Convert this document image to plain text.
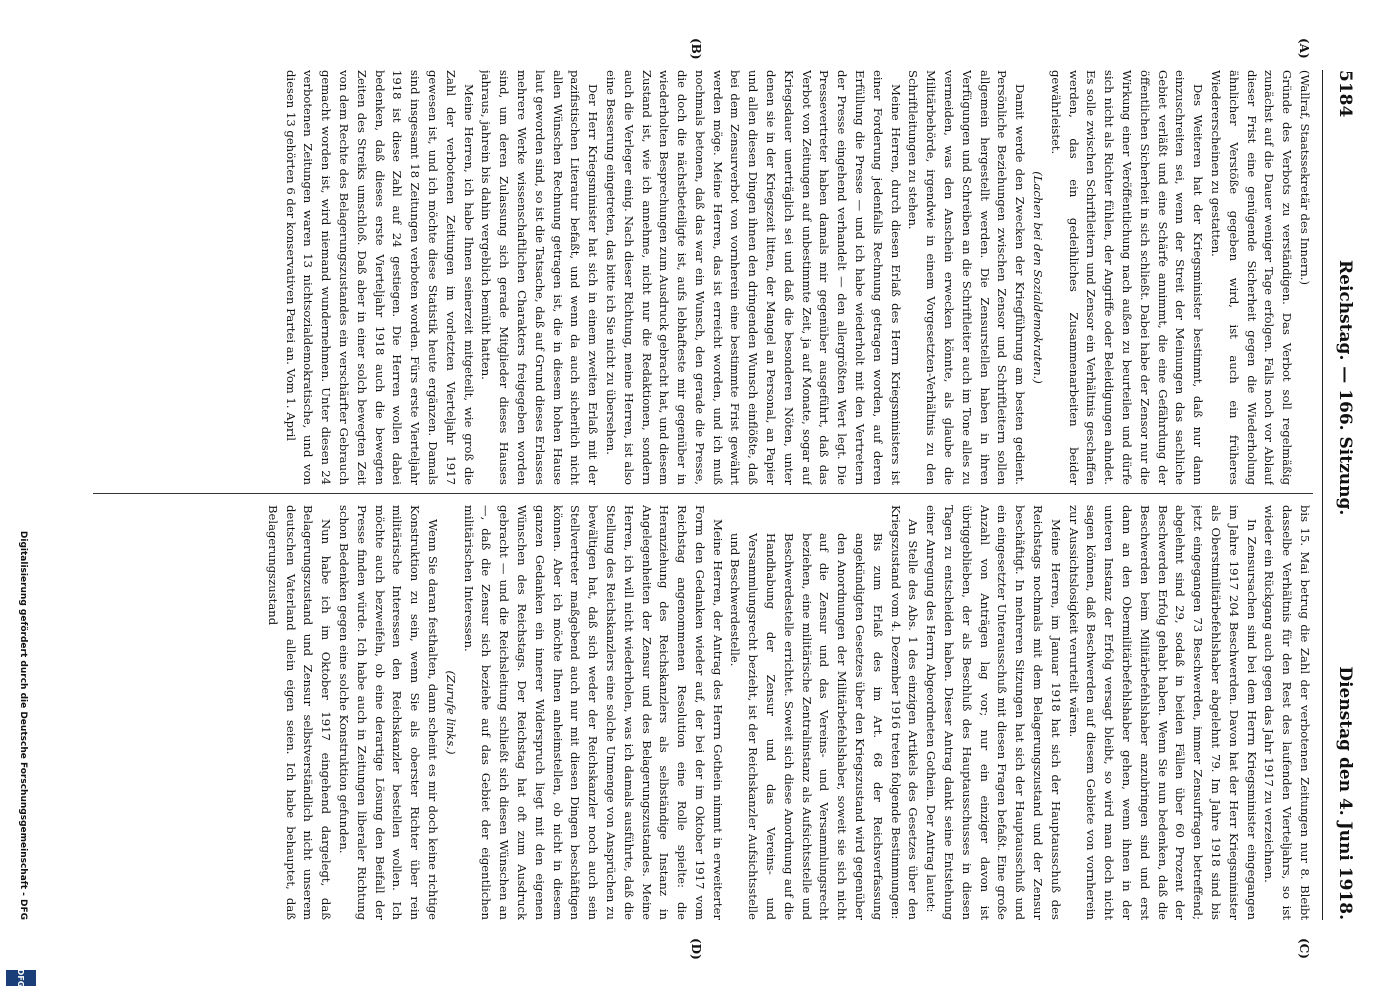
5184
Reichstag. — 166. Sitzung.
Dienstag den 4. Juni 1918.
(A)
(B)
(C)
(D)

(Wallraf, Staatssekretär des Innern.)

Gründe des Verbots zu verständigen. Das Verbot soll regelmäßig zunächst auf die Dauer weniger Tage erfolgen. Falls noch vor Ablauf dieser Frist eine genügende Sicherheit gegen die Wiederholung ähnlicher Verstöße gegeben wird, ist auch ein früheres Wiedererscheinen zu gestatten.

Des Weiteren hat der Kriegsminister bestimmt, daß nur dann einzuschreiten sei, wenn der Streit der Meinungen das sachliche Gebiet verläßt und eine Schärfe annimmt, die eine Gefährdung der öffentlichen Sicherheit in sich schließt. Dabei habe der Zensor nur die Wirkung einer Veröffentlichung nach außen zu beurteilen und dürfe sich nicht als Richter fühlen, der Angriffe oder Beleidigungen ahndet. Es solle zwischen Schriftleitern und Zensor ein Verhältnis geschaffen werden, das ein gedeihliches Zusammenarbeiten beider gewährleistet.

(Lachen bei den Sozialdemokraten.)

Damit werde den Zwecken der Kriegführung am besten gedient. Persönliche Beziehungen zwischen Zensor und Schriftleitern sollen allgemein hergestellt werden. Die Zensurstellen haben in ihren Verfügungen und Schreiben an die Schriftleiter auch im Tone alles zu vermeiden, was den Anschein erwecken könnte, als glaube die Militärbehörde, irgendwie in einem Vorgesetzten-Verhältnis zu den Schriftleitungen zu stehen.

Meine Herren, durch diesen Erlaß des Herrn Kriegsministers ist einer Forderung jedenfalls Rechnung getragen worden, auf deren Erfüllung die Presse — und ich habe wiederholt mit den Vertretern der Presse eingehend verhandelt — den allergrößten Wert legt. Die Pressevertreter haben damals mir gegenüber ausgeführt, daß das Verbot von Zeitungen auf unbestimmte Zeit, ja auf Monate, sogar auf Kriegsdauer unerträglich sei und daß die besonderen Nöten, unter denen sie in der Kriegszeit litten, der Mangel an Personal, an Papier und allen diesen Dingen ihnen den dringenden Wunsch einflößte, daß bei dem Zensurverbot von vornherein eine bestimmte Frist gewährt werden möge. Meine Herren, das ist erreicht worden, und ich muß nochmals betonen, daß das war ein Wunsch, den gerade die Presse, die doch die nächstbeteiligte ist, aufs lebhafteste mir gegenüber in wiederholten Besprechungen zum Ausdruck gebracht hat, und diesem Zustand ist, wie ich annehme, nicht nur die Redaktionen, sondern auch die Verleger einig. Nach dieser Richtung, meine Herren, ist also eine Besserung eingetreten, das bitte ich Sie nicht zu übersehen.

Der Herr Kriegsminister hat sich in einem zweiten Erlaß mit der pazifistischen Literatur befaßt, und wenn da auch sicherlich nicht allen Wünschen Rechnung getragen ist, die in diesem hohen Hause laut geworden sind, so ist die Tatsache, daß auf Grund dieses Erlasses mehrere Werke wissenschaftlichen Charakters freigegeben worden sind, um deren Zulassung sich gerade Mitglieder dieses Hauses jahraus, jahrein bis dahin vergeblich bemüht hatten.

Meine Herren, ich habe Ihnen seinerzeit mitgeteilt, wie groß die Zahl der verbotenen Zeitungen im vorletzten Vierteljahr 1917 gewesen ist, und ich möchte diese Statistik heute ergänzen. Damals sind insgesamt 18 Zeitungen verboten worden. Fürs erste Vierteljahr 1918 ist diese Zahl auf 24 gestiegen. Die Herren wollen dabei bedenken, daß dieses erste Vierteljahr 1918 auch die bewegten Zeiten des Streiks umschloß. Daß aber in einer solch bewegten Zeit von dem Rechte des Belagerungszustandes ein verschärfter Gebrauch gemacht worden ist, wird niemand wundernehmen. Unter diesen 24 verbotenen Zeitungen waren 13 nichtsozialdemokratische, und von diesen 13 gehörten 6 der konservativen Partei an. Vom 1. April

bis 15. Mai betrug die Zahl der verbotenen Zeitungen nur 8. Bleibt dasselbe Verhältnis für den Rest des laufenden Vierteljahrs, so ist wieder ein Rückgang auch gegen das Jahr 1917 zu verzeichnen.

In Zensursachen sind bei dem Herrn Kriegsminister eingegangen im Jahre 1917 204 Beschwerden. Davon hat der Herr Kriegsminister als Oberstmilitärbefehlshaber abgelehnt 79. Im Jahre 1918 sind bis jetzt eingegangen 73 Beschwerden, immer Zensurfragen betreffend; abgelehnt sind 29, sodaß in beiden Fällen über 60 Prozent der Beschwerden Erfolg gehabt haben. Wenn Sie nun bedenken, daß die Beschwerden beim Militärbefehlshaber anzubringen sind und erst dann an den Obermilitärbefehlshaber gehen, wenn ihnen in der unteren Instanz der Erfolg versagt bleibt, so wird man doch nicht sagen können, daß Beschwerden auf diesem Gebiete von vornherein zur Aussichtslosigkeit verurteilt wären.

Meine Herren, im Januar 1918 hat sich der Hauptausschuß des Reichstags nochmals mit dem Belagerungszustand und der Zensur beschäftigt. In mehreren Sitzungen hat sich der Hauptausschuß und ein eingesetzter Unterausschuß mit diesen Fragen befaßt. Eine große Anzahl von Anträgen lag vor; nur ein einziger davon ist übriggeblieben, der als Beschluß des Hauptausschusses in diesen Tagen zu entscheiden haben. Dieser Antrag dankt seine Entstehung einer Anregung des Herrn Abgeordneten Gothein. Der Antrag lautet:

An Stelle des Abs. 1 des einzigen Artikels des Gesetzes über den Kriegszustand vom 4. Dezember 1916 treten folgende Bestimmungen:

Bis zum Erlaß des im Art. 68 der Reichsverfassung angekündigten Gesetzes über den Kriegszustand wird gegenüber den Anordnungen der Militärbefehlshaber, soweit sie sich nicht auf die Zensur und das Vereins- und Versammlungsrecht beziehen, eine militärische Zentralinstanz als Aufsichtsstelle und Beschwerdestelle errichtet. Soweit sich diese Anordnung auf die Handhabung der Zensur und das Vereins- und Versammlungsrecht bezieht, ist der Reichskanzler Aufsichtsstelle und Beschwerdestelle.

Meine Herren, der Antrag des Herrn Gothein nimmt in erweiterter Form den Gedanken wieder auf, der bei der im Oktober 1917 vom Reichstag angenommenen Resolution eine Rolle spielte: die Heranziehung des Reichskanzlers als selbständige Instanz in Angelegenheiten der Zensur und des Belagerungszustandes. Meine Herren, ich will nicht wiederholen, was ich damals ausführte, daß die Stellung des Reichskanzlers eine solche Unmenge von Ansprüchen zu bewältigen hat, daß sich weder der Reichskanzler noch auch sein Stellvertreter maßgebend auch nur mit diesen Dingen beschäftigen können. Aber ich möchte Ihnen anheimstellen, ob nicht in diesem ganzen Gedanken ein innerer Widerspruch liegt mit den eigenen Wünschen des Reichstags. Der Reichstag hat oft zum Ausdruck gebracht — und die Reichsleitung schließt sich diesen Wünschen an —, daß die Zensur sich beziehe auf das Gebiet der eigentlichen militärischen Interessen.

(Zurufe links.)

Wenn Sie daran festhalten, dann scheint es mir doch keine richtige Konstruktion zu sein, wenn Sie als oberster Richter über rein militärische Interessen den Reichskanzler bestellen wollen. Ich möchte auch bezweifeln, ob eine derartige Lösung den Beifall der Presse finden würde. Ich habe auch in Zeitungen liberaler Richtung schon Bedenken gegen eine solche Konstruktion gefunden.

Nun habe ich im Oktober 1917 eingehend dargelegt, daß Belagerungszustand und Zensur selbstverständlich nicht unserem deutschen Vaterland allein eigen seien. Ich habe behauptet, daß Belagerungszustand

Digitalisierung gefördert durch die Deutsche Forschungsgemeinschaft - DFG
DFG
